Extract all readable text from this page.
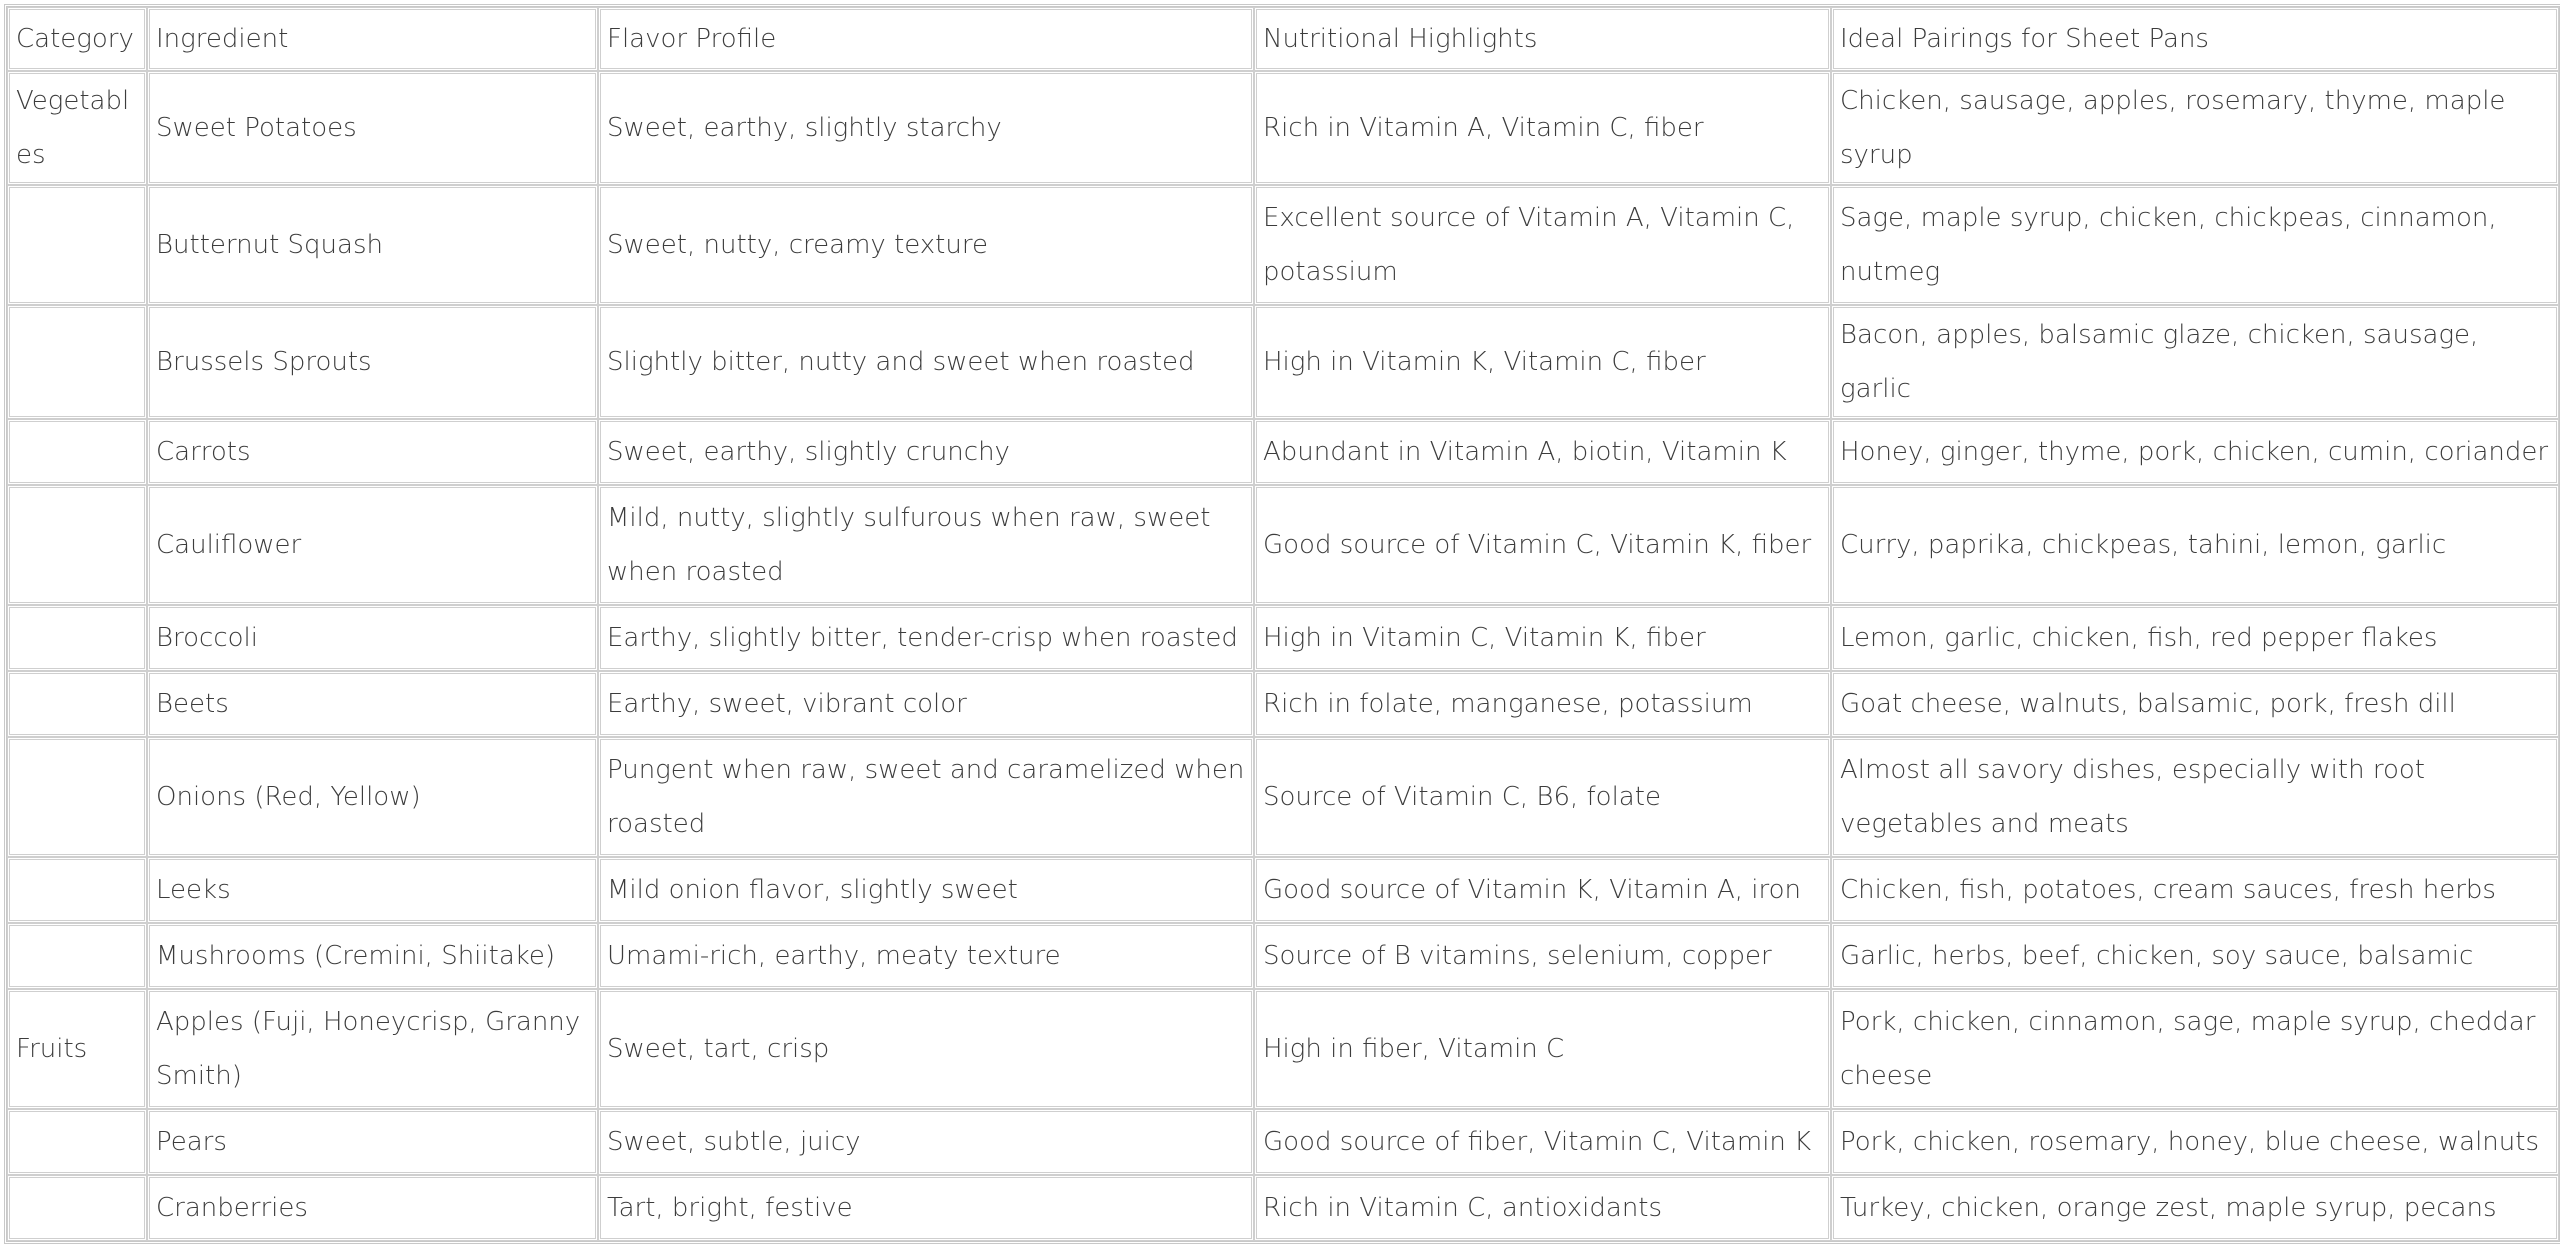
Category	Ingredient	Flavor Profile	Nutritional Highlights	Ideal Pairings for Sheet Pans
Vegetables	Sweet Potatoes	Sweet, earthy, slightly starchy	Rich in Vitamin A, Vitamin C, fiber	Chicken, sausage, apples, rosemary, thyme, maple syrup
	Butternut Squash	Sweet, nutty, creamy texture	Excellent source of Vitamin A, Vitamin C, potassium	Sage, maple syrup, chicken, chickpeas, cinnamon, nutmeg
	Brussels Sprouts	Slightly bitter, nutty and sweet when roasted	High in Vitamin K, Vitamin C, fiber	Bacon, apples, balsamic glaze, chicken, sausage, garlic
	Carrots	Sweet, earthy, slightly crunchy	Abundant in Vitamin A, biotin, Vitamin K	Honey, ginger, thyme, pork, chicken, cumin, coriander
	Cauliflower	Mild, nutty, slightly sulfurous when raw, sweet when roasted	Good source of Vitamin C, Vitamin K, fiber	Curry, paprika, chickpeas, tahini, lemon, garlic
	Broccoli	Earthy, slightly bitter, tender-crisp when roasted	High in Vitamin C, Vitamin K, fiber	Lemon, garlic, chicken, fish, red pepper flakes
	Beets	Earthy, sweet, vibrant color	Rich in folate, manganese, potassium	Goat cheese, walnuts, balsamic, pork, fresh dill
	Onions (Red, Yellow)	Pungent when raw, sweet and caramelized when roasted	Source of Vitamin C, B6, folate	Almost all savory dishes, especially with root vegetables and meats
	Leeks	Mild onion flavor, slightly sweet	Good source of Vitamin K, Vitamin A, iron	Chicken, fish, potatoes, cream sauces, fresh herbs
	Mushrooms (Cremini, Shiitake)	Umami-rich, earthy, meaty texture	Source of B vitamins, selenium, copper	Garlic, herbs, beef, chicken, soy sauce, balsamic
Fruits	Apples (Fuji, Honeycrisp, Granny Smith)	Sweet, tart, crisp	High in fiber, Vitamin C	Pork, chicken, cinnamon, sage, maple syrup, cheddar cheese
	Pears	Sweet, subtle, juicy	Good source of fiber, Vitamin C, Vitamin K	Pork, chicken, rosemary, honey, blue cheese, walnuts
	Cranberries	Tart, bright, festive	Rich in Vitamin C, antioxidants	Turkey, chicken, orange zest, maple syrup, pecans
